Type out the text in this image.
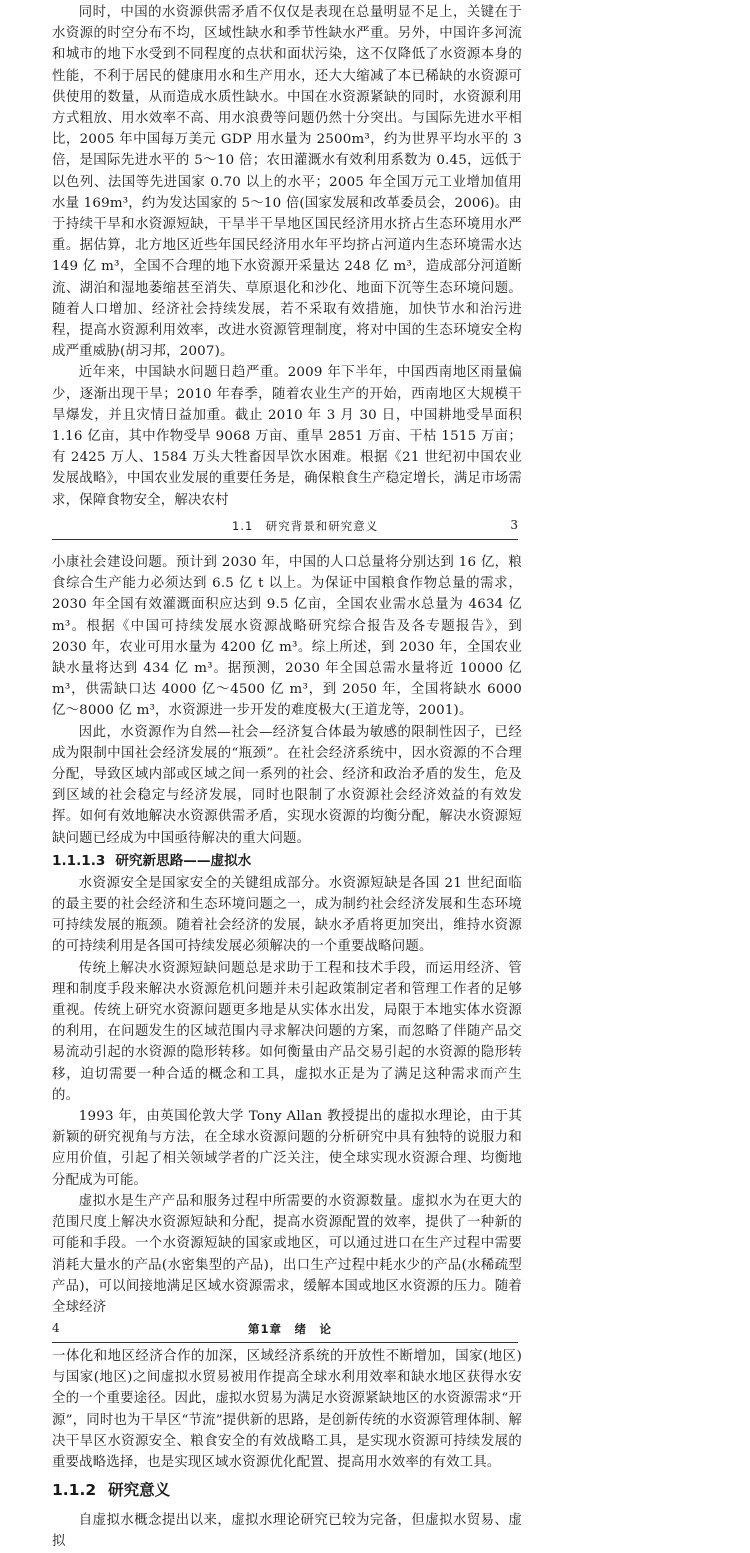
同时，中国的水资源供需矛盾不仅仅是表现在总量明显不足上，关键在于水资源的时空分布不均，区域性缺水和季节性缺水严重。另外，中国许多河流和城市的地下水受到不同程度的点状和面状污染，这不仅降低了水资源本身的性能，不利于居民的健康用水和生产用水，还大大缩减了本已稀缺的水资源可供使用的数量，从而造成水质性缺水。中国在水资源紧缺的同时，水资源利用方式粗放、用水效率不高、用水浪费等问题仍然十分突出。与国际先进水平相比，2005 年中国每万美元 GDP 用水量为 2500m³，约为世界平均水平的 3 倍，是国际先进水平的 5～10 倍；农田灌溉水有效利用系数为 0.45，远低于以色列、法国等先进国家 0.70 以上的水平；2005 年全国万元工业增加值用水量 169m³，约为发达国家的 5～10 倍(国家发展和改革委员会，2006)。由于持续干旱和水资源短缺，干旱半干旱地区国民经济用水挤占生态环境用水严重。据估算，北方地区近些年国民经济用水年平均挤占河道内生态环境需水达 149 亿 m³，全国不合理的地下水资源开采量达 248 亿 m³，造成部分河道断流、湖泊和湿地萎缩甚至消失、草原退化和沙化、地面下沉等生态环境问题。随着人口增加、经济社会持续发展，若不采取有效措施，加快节水和治污进程，提高水资源利用效率，改进水资源管理制度，将对中国的生态环境安全构成严重威胁(胡习邦，2007)。

近年来，中国缺水问题日趋严重。2009 年下半年，中国西南地区雨量偏少，逐渐出现干旱；2010 年春季，随着农业生产的开始，西南地区大规模干旱爆发，并且灾情日益加重。截止 2010 年 3 月 30 日，中国耕地受旱面积 1.16 亿亩，其中作物受旱 9068 万亩、重旱 2851 万亩、干枯 1515 万亩；有 2425 万人、1584 万头大牲畜因旱饮水困难。根据《21 世纪初中国农业发展战略》，中国农业发展的重要任务是，确保粮食生产稳定增长，满足市场需求，保障食物安全，解决农村

1.1　研究背景和研究意义	3

小康社会建设问题。预计到 2030 年，中国的人口总量将分别达到 16 亿，粮食综合生产能力必须达到 6.5 亿 t 以上。为保证中国粮食作物总量的需求，2030 年全国有效灌溉面积应达到 9.5 亿亩，全国农业需水总量为 4634 亿 m³。根据《中国可持续发展水资源战略研究综合报告及各专题报告》，到 2030 年，农业可用水量为 4200 亿 m³。综上所述，到 2030 年，全国农业缺水量将达到 434 亿 m³。据预测，2030 年全国总需水量将近 10000 亿 m³，供需缺口达 4000 亿～4500 亿 m³，到 2050 年，全国将缺水 6000 亿～8000 亿 m³，水资源进一步开发的难度极大(王道龙等，2001)。

因此，水资源作为自然—社会—经济复合体最为敏感的限制性因子，已经成为限制中国社会经济发展的“瓶颈”。在社会经济系统中，因水资源的不合理分配，导致区域内部或区域之间一系列的社会、经济和政治矛盾的发生，危及到区域的社会稳定与经济发展，同时也限制了水资源社会经济效益的有效发挥。如何有效地解决水资源供需矛盾，实现水资源的均衡分配，解决水资源短缺问题已经成为中国亟待解决的重大问题。

1.1.1.3 研究新思路——虚拟水

水资源安全是国家安全的关键组成部分。水资源短缺是各国 21 世纪面临的最主要的社会经济和生态环境问题之一，成为制约社会经济发展和生态环境可持续发展的瓶颈。随着社会经济的发展，缺水矛盾将更加突出，维持水资源的可持续利用是各国可持续发展必须解决的一个重要战略问题。

传统上解决水资源短缺问题总是求助于工程和技术手段，而运用经济、管理和制度手段来解决水资源危机问题并未引起政策制定者和管理工作者的足够重视。传统上研究水资源问题更多地是从实体水出发，局限于本地实体水资源的利用，在问题发生的区域范围内寻求解决问题的方案，而忽略了伴随产品交易流动引起的水资源的隐形转移。如何衡量由产品交易引起的水资源的隐形转移，迫切需要一种合适的概念和工具，虚拟水正是为了满足这种需求而产生的。

1993 年，由英国伦敦大学 Tony Allan 教授提出的虚拟水理论，由于其新颖的研究视角与方法，在全球水资源问题的分析研究中具有独特的说服力和应用价值，引起了相关领域学者的广泛关注，使全球实现水资源合理、均衡地分配成为可能。

虚拟水是生产产品和服务过程中所需要的水资源数量。虚拟水为在更大的范围尺度上解决水资源短缺和分配，提高水资源配置的效率，提供了一种新的可能和手段。一个水资源短缺的国家或地区，可以通过进口在生产过程中需要消耗大量水的产品(水密集型的产品)，出口生产过程中耗水少的产品(水稀疏型产品)，可以间接地满足区域水资源需求，缓解本国或地区水资源的压力。随着全球经济

4	第1章　绪　论

一体化和地区经济合作的加深，区域经济系统的开放性不断增加，国家(地区)与国家(地区)之间虚拟水贸易被用作提高全球水利用效率和缺水地区获得水安全的一个重要途径。因此，虚拟水贸易为满足水资源紧缺地区的水资源需求“开源”，同时也为干旱区“节流”提供新的思路，是创新传统的水资源管理体制、解决干旱区水资源安全、粮食安全的有效战略工具，是实现水资源可持续发展的重要战略选择，也是实现区域水资源优化配置、提高用水效率的有效工具。

1.1.2 研究意义

自虚拟水概念提出以来，虚拟水理论研究已较为完备，但虚拟水贸易、虚拟
